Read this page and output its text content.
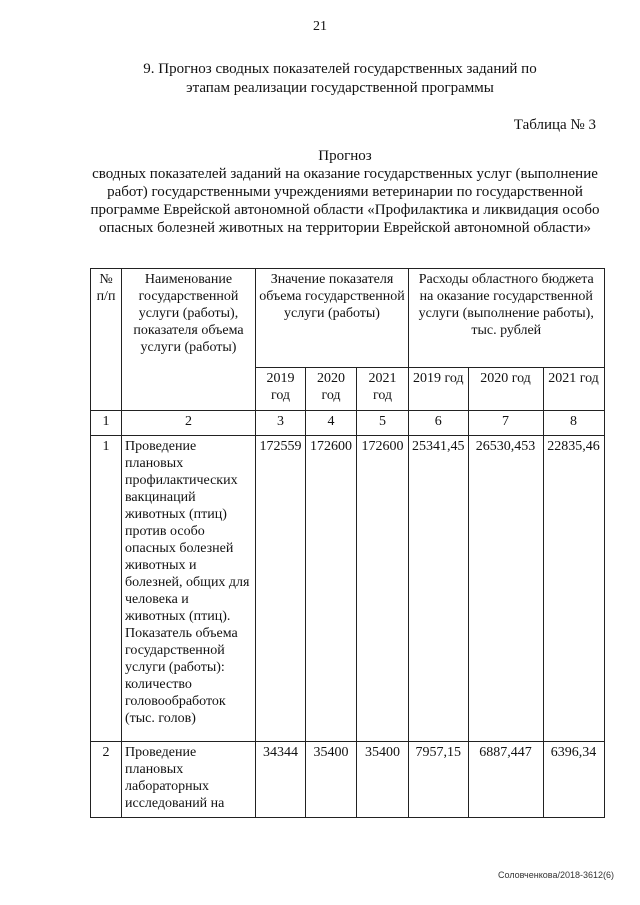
21
9. Прогноз сводных показателей государственных заданий по этапам реализации государственной программы
Таблица № 3
Прогноз
сводных показателей заданий на оказание государственных услуг (выполнение работ) государственными учреждениями ветеринарии по государственной программе Еврейской автономной области «Профилактика и ликвидация особо опасных болезней животных на территории Еврейской автономной области»
№ п/п	Наименование государственной услуги (работы), показателя объема услуги (работы)	Значение показателя объема государственной услуги (работы)			Расходы областного бюджета на оказание государственной услуги (выполнение работы), тыс. рублей		
		2019 год	2020 год	2021 год	2019 год	2020 год	2021 год
1	2	3	4	5	6	7	8
1	Проведение плановых профилактических вакцинаций животных (птиц) против особо опасных болезней животных и болезней, общих для человека и животных (птиц). Показатель объема государственной услуги (работы): количество головообработок (тыс. голов)	172559	172600	172600	25341,45	26530,453	22835,46
2	Проведение плановых лабораторных исследований на	34344	35400	35400	7957,15	6887,447	6396,34
Соловченкова/2018-3612(6)
